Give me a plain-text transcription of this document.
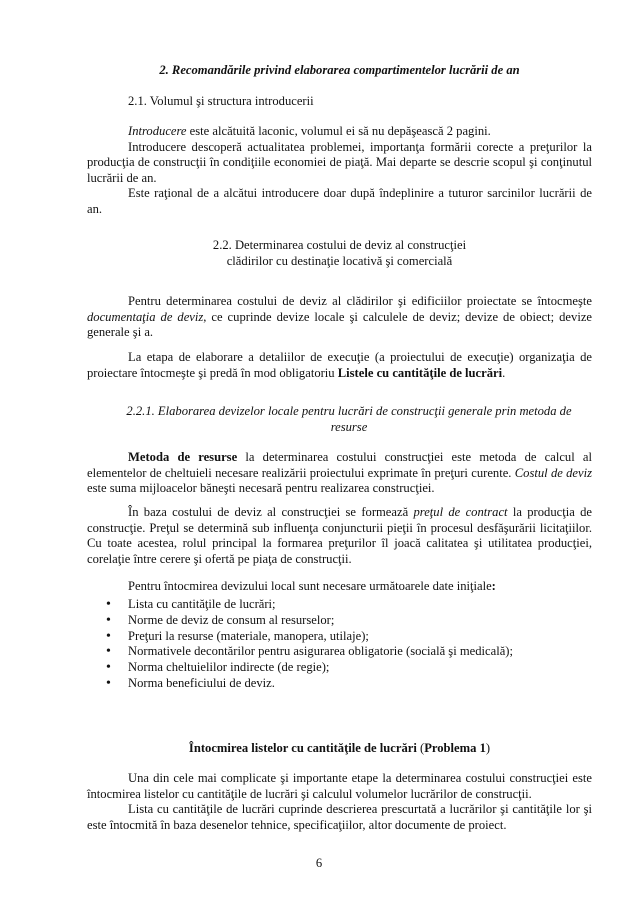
2. Recomandările privind elaborarea compartimentelor lucrării de an

2.1. Volumul şi structura introducerii

Introducere este alcătuită laconic, volumul ei să nu depăşească 2 pagini.

Introducere descoperă actualitatea problemei, importanţa formării corecte a preţurilor la producţia de construcţii în condiţiile economiei de piaţă. Mai departe se descrie scopul şi conţinutul lucrării de an.

Este raţional de a alcătui introducere doar după îndeplinire a tuturor sarcinilor lucrării de an.

2.2. Determinarea costului de deviz al construcţiei
clădirilor cu destinaţie locativă şi comercială

Pentru determinarea costului de deviz al clădirilor şi edificiilor proiectate se întocmeşte documentaţia de deviz, ce cuprinde devize locale şi calculele de deviz; devize de obiect; devize generale şi a.

La etapa de elaborare a detaliilor de execuţie (a proiectului de execuţie) organizaţia de proiectare întocmeşte şi predă în mod obligatoriu Listele cu cantităţile de lucrări.

2.2.1. Elaborarea devizelor locale pentru lucrări de construcţii generale prin metoda de resurse

Metoda de resurse la determinarea costului construcţiei este metoda de calcul al elementelor de cheltuieli necesare realizării proiectului exprimate în preţuri curente. Costul de deviz este suma mijloacelor băneşti necesară pentru realizarea construcţiei.

În baza costului de deviz al construcţiei se formează preţul de contract la producţia de construcţie. Preţul se determină sub influenţa conjuncturii pieţii în procesul desfăşurării licitaţiilor. Cu toate acestea, rolul principal la formarea preţurilor îl joacă calitatea şi utilitatea producţiei, corelaţie între cerere şi ofertă pe piaţa de construcţii.

Pentru întocmirea devizului local sunt necesare următoarele date iniţiale:

• Lista cu cantităţile de lucrări;
• Norme de deviz de consum al resurselor;
• Preţuri la resurse (materiale, manopera, utilaje);
• Normativele decontărilor pentru asigurarea obligatorie (socială şi medicală);
• Norma cheltuielilor indirecte (de regie);
• Norma beneficiului de deviz.

Întocmirea listelor cu cantităţile de lucrări (Problema 1)

Una din cele mai complicate şi importante etape la determinarea costului construcţiei este întocmirea listelor cu cantităţile de lucrări şi calculul volumelor lucrărilor de construcţii.

Lista cu cantităţile de lucrări cuprinde descrierea prescurtată a lucrărilor şi cantităţile lor şi este întocmită în baza desenelor tehnice, specificaţiilor, altor documente de proiect.

6
